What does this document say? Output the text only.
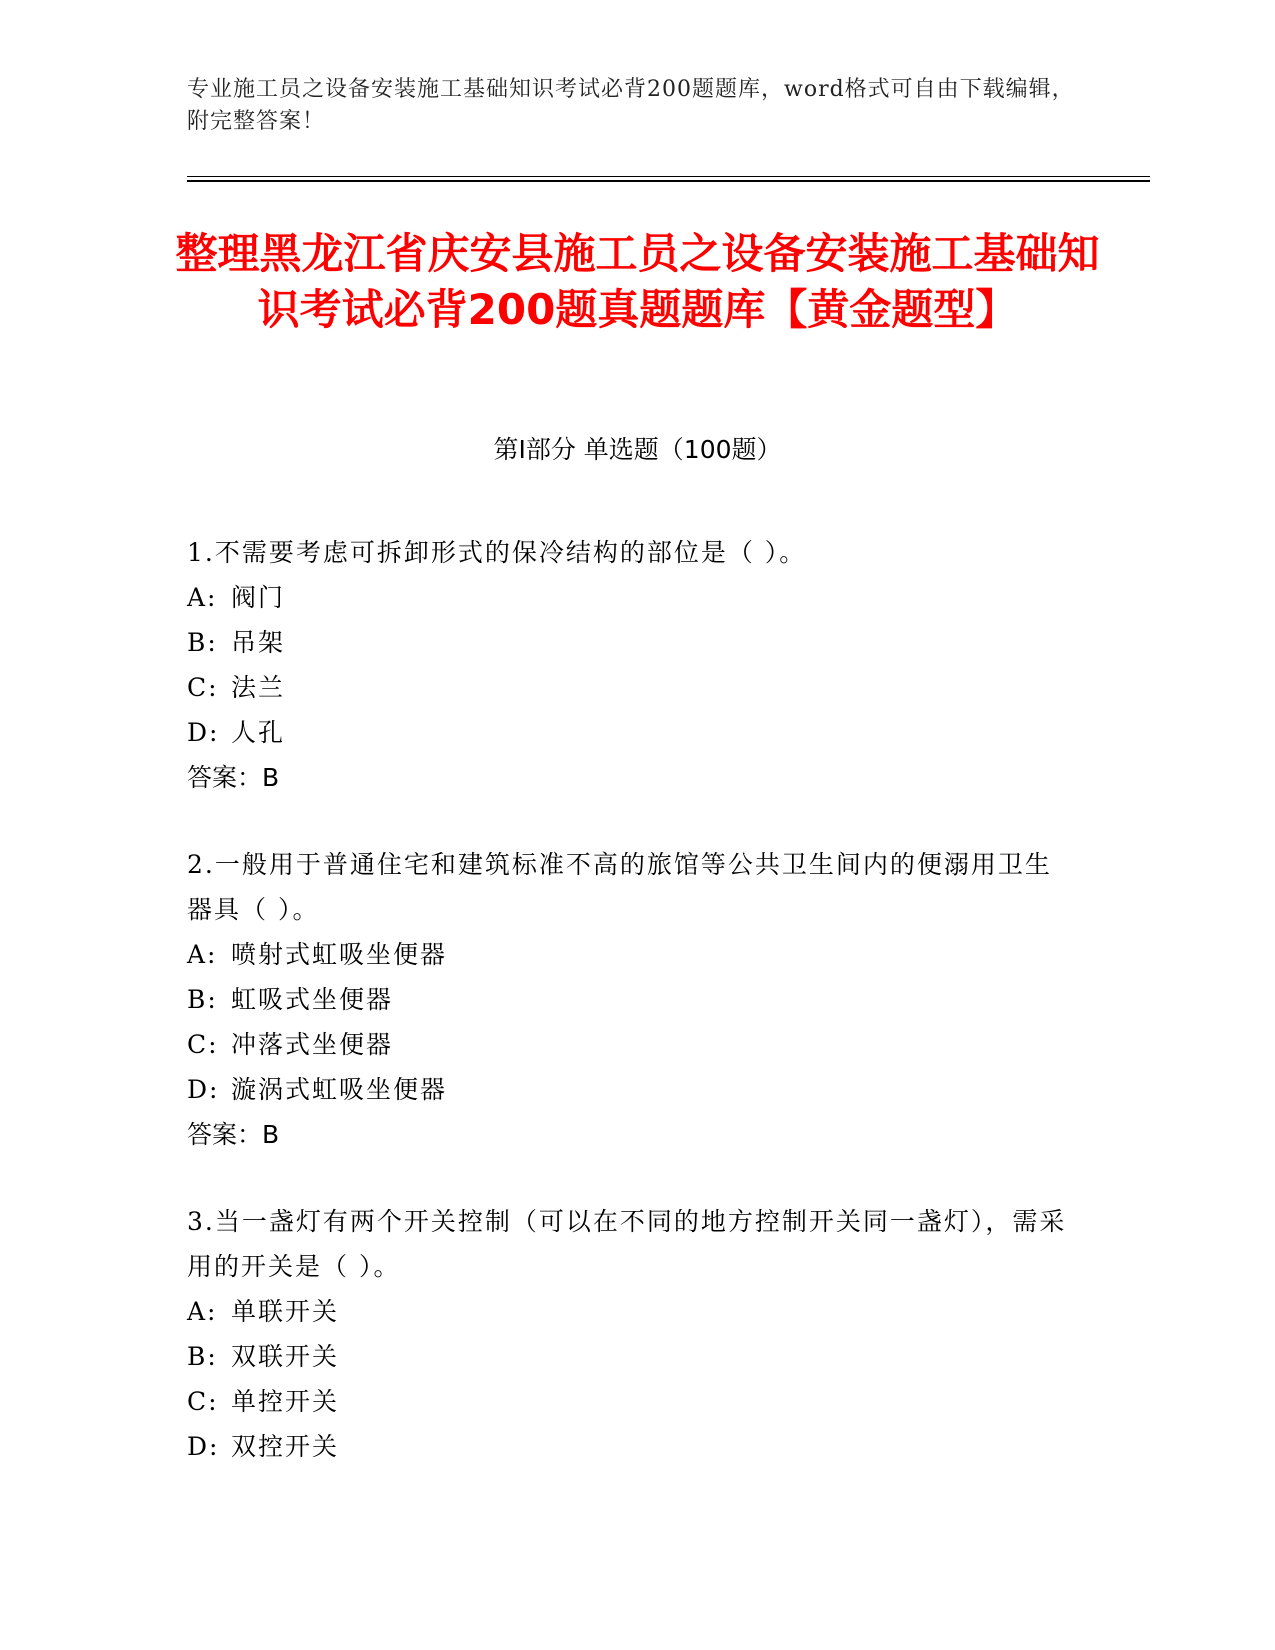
专业施工员之设备安装施工基础知识考试必背200题题库，word格式可自由下载编辑，附完整答案！
整理黑龙江省庆安县施工员之设备安装施工基础知识考试必背200题真题题库【黄金题型】
第Ⅰ部分 单选题（100题）
1.不需要考虑可拆卸形式的保冷结构的部位是（ ）。
A: 阀门
B: 吊架
C: 法兰
D: 人孔
答案：B
2.一般用于普通住宅和建筑标准不高的旅馆等公共卫生间内的便溺用卫生器具（ ）。
A: 喷射式虹吸坐便器
B: 虹吸式坐便器
C: 冲落式坐便器
D: 漩涡式虹吸坐便器
答案：B
3.当一盏灯有两个开关控制（可以在不同的地方控制开关同一盏灯），需采用的开关是（ ）。
A: 单联开关
B: 双联开关
C: 单控开关
D: 双控开关
